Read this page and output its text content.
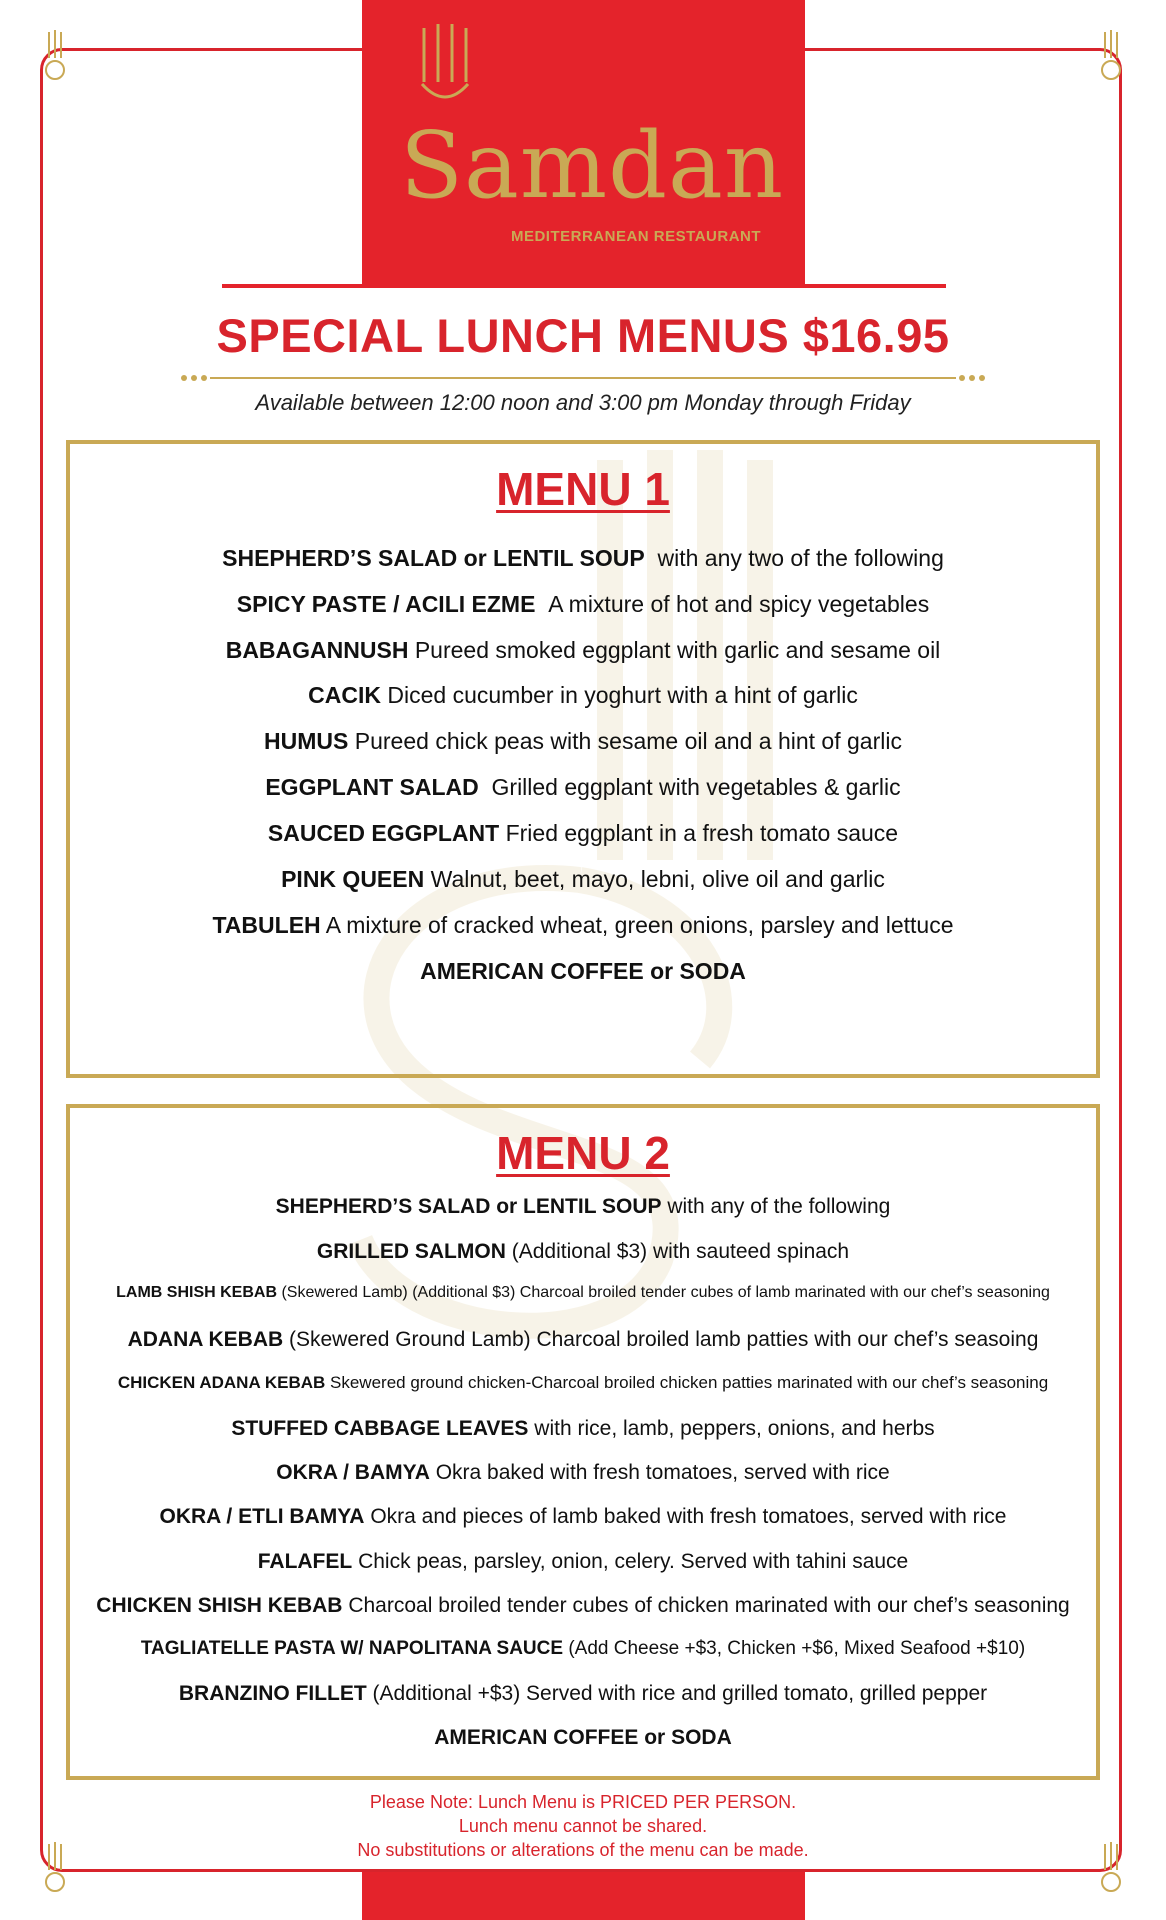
Samdan
MEDITERRANEAN RESTAURANT
SPECIAL LUNCH MENUS $16.95
Available between 12:00 noon and 3:00 pm Monday through Friday
MENU 1
SHEPHERD’S SALAD or LENTIL SOUP with any two of the following
SPICY PASTE / ACILI EZME A mixture of hot and spicy vegetables
BABAGANNUSH Pureed smoked eggplant with garlic and sesame oil
CACIK Diced cucumber in yoghurt with a hint of garlic
HUMUS Pureed chick peas with sesame oil and a hint of garlic
EGGPLANT SALAD Grilled eggplant with vegetables & garlic
SAUCED EGGPLANT Fried eggplant in a fresh tomato sauce
PINK QUEEN Walnut, beet, mayo, lebni, olive oil and garlic
TABULEH A mixture of cracked wheat, green onions, parsley and lettuce
AMERICAN COFFEE or SODA
MENU 2
SHEPHERD’S SALAD or LENTIL SOUP with any of the following
GRILLED SALMON (Additional $3) with sauteed spinach
LAMB SHISH KEBAB (Skewered Lamb) (Additional $3) Charcoal broiled tender cubes of lamb marinated with our chef’s seasoning
ADANA KEBAB (Skewered Ground Lamb) Charcoal broiled lamb patties with our chef’s seasoing
CHICKEN ADANA KEBAB Skewered ground chicken-Charcoal broiled chicken patties marinated with our chef’s seasoning
STUFFED CABBAGE LEAVES with rice, lamb, peppers, onions, and herbs
OKRA / BAMYA Okra baked with fresh tomatoes, served with rice
OKRA / ETLI BAMYA Okra and pieces of lamb baked with fresh tomatoes, served with rice
FALAFEL Chick peas, parsley, onion, celery. Served with tahini sauce
CHICKEN SHISH KEBAB Charcoal broiled tender cubes of chicken marinated with our chef’s seasoning
TAGLIATELLE PASTA W/ NAPOLITANA SAUCE (Add Cheese +$3, Chicken +$6, Mixed Seafood +$10)
BRANZINO FILLET (Additional +$3) Served with rice and grilled tomato, grilled pepper
AMERICAN COFFEE or SODA
Please Note: Lunch Menu is PRICED PER PERSON.
Lunch menu cannot be shared.
No substitutions or alterations of the menu can be made.
